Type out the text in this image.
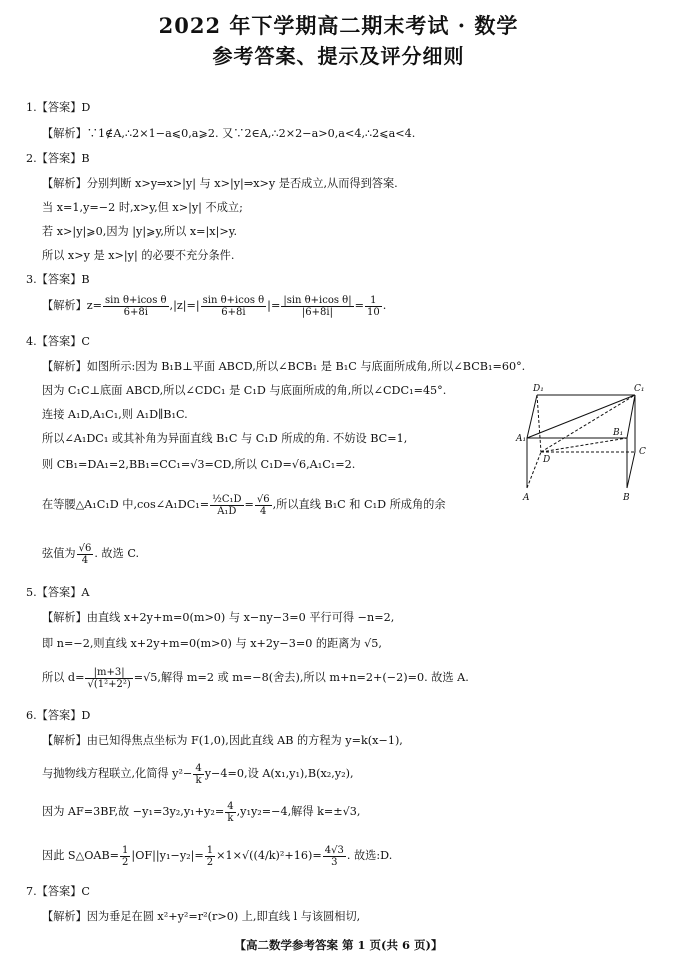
2022 年下学期高二期末考试 · 数学
参考答案、提示及评分细则
1.【答案】D
【解析】∵1∉A,∴2×1−a⩽0,a⩾2. 又∵2∈A,∴2×2−a>0,a<4,∴2⩽a<4.
2.【答案】B
【解析】分别判断 x>y⇒x>|y| 与 x>|y|⇒x>y 是否成立,从而得到答案.
当 x=1,y=−2 时,x>y,但 x>|y| 不成立;
若 x>|y|⩾0,因为 |y|⩾y,所以 x=|x|>y.
所以 x>y 是 x>|y| 的必要不充分条件.
3.【答案】B
【解析】$z= \frac{\text{sin θ+icos θ}}{6+8i} ,|z|=| \frac{\text{sin θ+icos θ}}{6+8i}$ |= $\frac{\text{|sin θ+icos θ|}}{|6+8i|} = \frac{1}{10}$ .
4.【答案】C
【解析】如图所示:因为 B₁B⊥平面 ABCD,所以∠BCB₁ 是 B₁C 与底面所成角,所以∠BCB₁=60°.
因为 C₁C⊥底面 ABCD,所以∠CDC₁ 是 C₁D 与底面所成的角,所以∠CDC₁=45°.
连接 A₁D,A₁C₁,则 A₁D∥B₁C.
所以∠A₁DC₁ 或其补角为异面直线 B₁C 与 C₁D 所成的角. 不妨设 BC=1,
则 CB₁=DA₁=2,BB₁=CC₁=√3=CD,所以 C₁D=√6,A₁C₁=2.
在等腰△A₁C₁D 中,cos∠A₁DC₁= $\frac{\text{½C₁D}}{\text{A₁D}} = \frac{√6}{4}$ ,所以直线 B₁C 和 C₁D 所成角的余
弦值为 $\frac{√6}{4}$ . 故选 C.
D₁	C₁
A₁
B₁
D
C
A	B
5.【答案】A
【解析】由直线 x+2y+m=0(m>0) 与 x−ny−3=0 平行可得 −n=2,
即 n=−2,则直线 x+2y+m=0(m>0) 与 x+2y−3=0 的距离为 √5,
所以 $d= \frac{|m+3|}{\text{√(1²+2²)}} =√5$,解得 m=2 或 m=−8(舍去),所以 m+n=2+(−2)=0. 故选 A.
6.【答案】D
【解析】由已知得焦点坐标为 F(1,0),因此直线 AB 的方程为 y=k(x−1),
与抛物线方程联立,化简得 $y^2- \frac{4}{k} y-4=0$,设 A(x₁,y₁),B(x₂,y₂),
因为 AF=3BF,故 $-y_1=3y_2,y_1+y_2= \frac{4}{k} ,y_1y_2=-4$,解得 k=±√3,
因此 S△OAB= $\frac{1}{2} |OF||y_1-y_2|= \frac{1}{2} \times 1\times√((4/k)^2+16)= \frac{4√3}{3}$ . 故选:D.
7.【答案】C
【解析】因为垂足在圆 x²+y²=r²(r>0) 上,即直线 l 与该圆相切,
【高二数学参考答案 第 1 页(共 6 页)】
